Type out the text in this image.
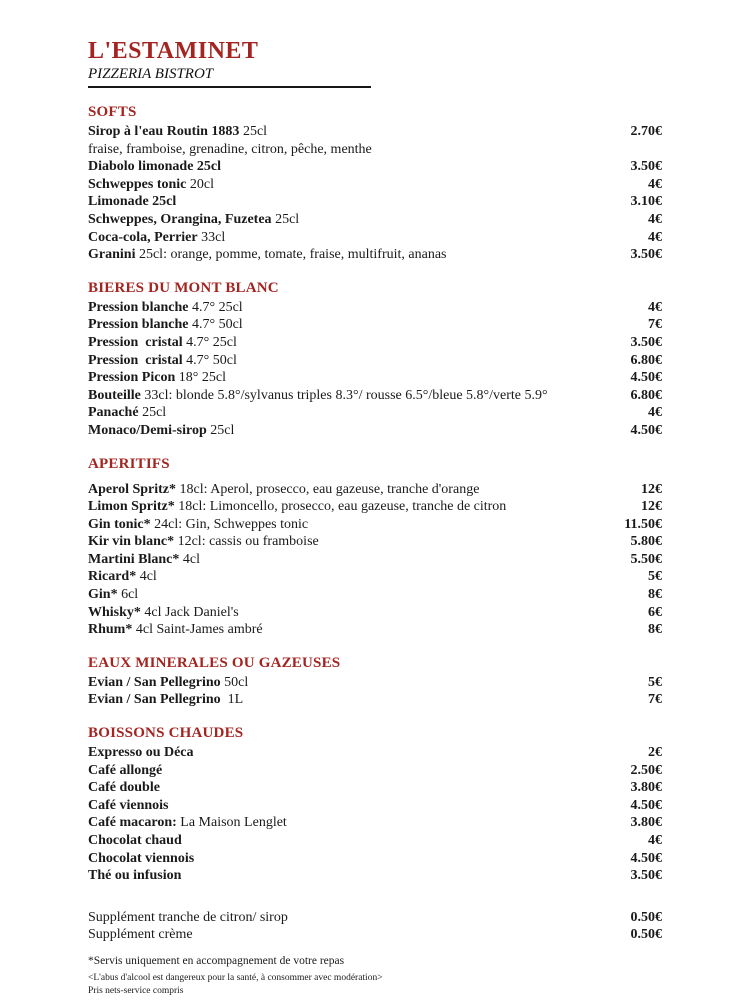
L'ESTAMINET

PIZZERIA BISTROT

SOFTS
Sirop à l'eau Routin 1883 25cl	2.70€
fraise, framboise, grenadine, citron, pêche, menthe
Diabolo limonade 25cl	3.50€
Schweppes tonic 20cl	4€
Limonade 25cl	3.10€
Schweppes, Orangina, Fuzetea 25cl	4€
Coca-cola, Perrier 33cl	4€
Granini 25cl: orange, pomme, tomate, fraise, multifruit, ananas	3.50€
BIERES DU MONT BLANC
Pression blanche 4.7° 25cl	4€
Pression blanche 4.7° 50cl	7€
Pression  cristal 4.7° 25cl	3.50€
Pression  cristal 4.7° 50cl	6.80€
Pression Picon 18° 25cl	4.50€
Bouteille 33cl: blonde 5.8°/sylvanus triples 8.3°/ rousse 6.5°/bleue 5.8°/verte 5.9°	6.80€
Panaché 25cl	4€
Monaco/Demi-sirop 25cl	4.50€
APERITIFS
Aperol Spritz* 18cl: Aperol, prosecco, eau gazeuse, tranche d'orange	12€
Limon Spritz* 18cl: Limoncello, prosecco, eau gazeuse, tranche de citron	12€
Gin tonic* 24cl: Gin, Schweppes tonic	11.50€
Kir vin blanc* 12cl: cassis ou framboise	5.80€
Martini Blanc* 4cl	5.50€
Ricard* 4cl	5€
Gin* 6cl	8€
Whisky* 4cl Jack Daniel's	6€
Rhum* 4cl Saint-James ambré	8€
EAUX MINERALES OU GAZEUSES
Evian / San Pellegrino 50cl	5€
Evian / San Pellegrino  1L	7€
BOISSONS CHAUDES
Expresso ou Déca	2€
Café allongé	2.50€
Café double	3.80€
Café viennois	4.50€
Café macaron: La Maison Lenglet	3.80€
Chocolat chaud	4€
Chocolat viennois	4.50€
Thé ou infusion	3.50€
Supplément tranche de citron/ sirop	0.50€
Supplément crème	0.50€
*Servis uniquement en accompagnement de votre repas
<L'abus d'alcool est dangereux pour la santé, à consommer avec modération>
Pris nets-service compris
